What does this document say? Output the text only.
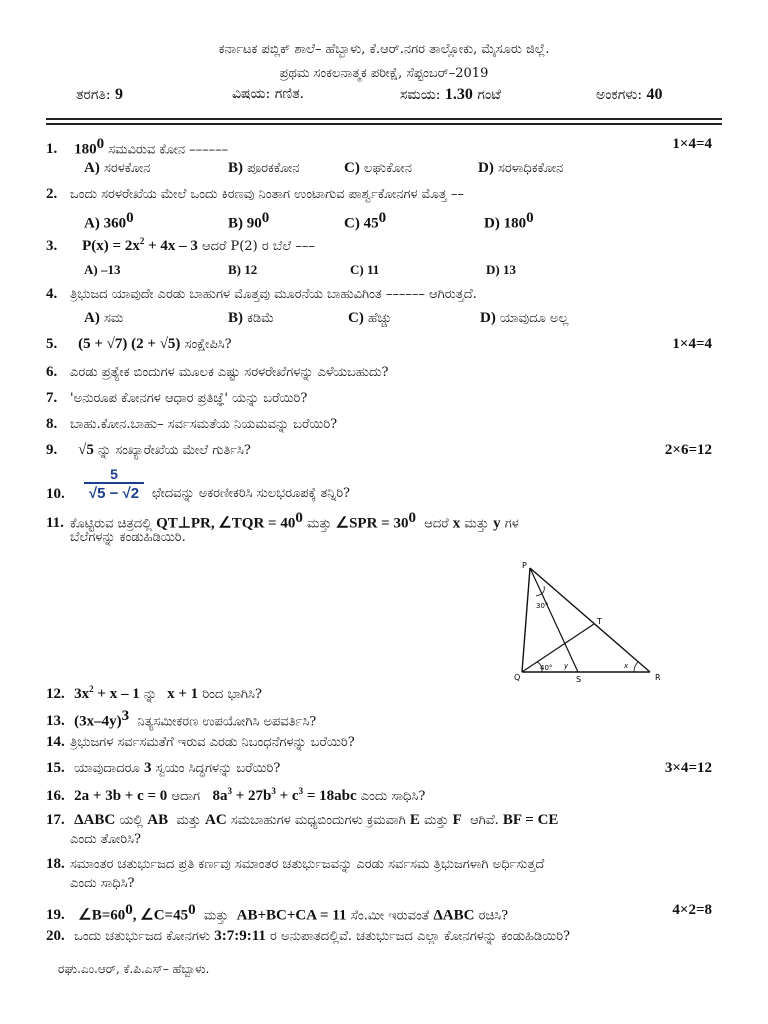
ಕರ್ನಾಟಕ ಪಬ್ಲಿಕ್ ಶಾಲೆ– ಹೆಬ್ಬಾಳು, ಕೆ.ಆರ್.ನಗರ ತಾಲ್ಲೋಕು, ಮೈಸೂರು ಜಿಲ್ಲೆ.
ಪ್ರಥಮ ಸಂಕಲನಾತ್ಮಕ ಪರೀಕ್ಷೆ, ಸೆಪ್ಟಂಬರ್–2019
ತರಗತಿ: 9	ವಿಷಯ: ಗಣಿತ.	ಸಮಯ: 1.30 ಗಂಟೆ	ಅಂಕಗಳು: 40
1. $180^0$ ಸಮವಿರುವ ಕೋನ ––––––	1×4=4
A) ಸರಳಕೋನ	B) ಪೂರಕಕೋನ	C) ಲಘುಕೋನ	D) ಸರಳಾಧಿಕಕೋನ
2. ಒಂದು ಸರಳರೇಖೆಯ ಮೇಲೆ ಒಂದು ಕಿರಣವು ನಿಂತಾಗ ಉಂಟಾಗುವ ಪಾರ್ಶ್ವಕೋನಗಳ ಮೊತ್ತ ––
A) $360^0$	B) $90^0$	C) $45^0$	D) $180^0$
3. $P(x) = 2x^2 + 4x - 3$ ಆದರೆ P(2) ರ ಬೆಲೆ –––
A) –13	B) 12	C) 11	D) 13
4. ತ್ರಿಭುಜದ ಯಾವುದೇ ಎರಡು ಬಾಹುಗಳ ಮೊತ್ತವು ಮೂರನೆಯ ಬಾಹುವಿಗಿಂತ –––––– ಆಗಿರುತ್ತದೆ.
A) ಸಮ	B) ಕಡಿಮೆ	C) ಹೆಚ್ಚು	D) ಯಾವುದೂ ಅಲ್ಲ
5. (5 + √7) (2 + √5) ಸಂಕ್ಷೇಪಿಸಿ?	1×4=4
6. ಎರಡು ಪ್ರತ್ಯೇಕ ಬಿಂದುಗಳ ಮೂಲಕ ಎಷ್ಟು ಸರಳರೇಖೆಗಳನ್ನು ಎಳೆಯಬಹುದು?
7. 'ಅನುರೂಪ ಕೋನಗಳ ಆಧಾರ ಪ್ರತಿಜ್ಞೆ' ಯನ್ನು ಬರೆಯಿರಿ?
8. ಬಾಹು.ಕೋನ.ಬಾಹು– ಸರ್ವಸಮತೆಯ ನಿಯಮವನ್ನು ಬರೆಯಿರಿ?
9. √5 ನ್ನು ಸಂಖ್ಯಾರೇಖೆಯ ಮೇಲೆ ಗುರ್ತಿಸಿ?	2×6=12
10.	$\frac{5}{√5 - √2}$ ಛೇದವನ್ನು ಅಕರಣೀಕರಿಸಿ ಸುಲಭರೂಪಕ್ಕೆ ತನ್ನಿರಿ?
11. ಕೊಟ್ಟಿರುವ ಚಿತ್ರದಲ್ಲಿ QT⊥PR, ∠TQR = $40^0$ ಮತ್ತು ∠SPR = $30^0$ ಆದರೆ x ಮತ್ತು y ಗಳ
ಬೆಲೆಗಳನ್ನು ಕಂಡುಹಿಡಿಯಿರಿ.
P
T
Q	S	R
30°
40° y	x
12. $3x^2 + x - 1$ ನ್ನು x + 1 ರಿಂದ ಭಾಗಿಸಿ?
13. $(3x-4y)^3$ ನಿತ್ಯಸಮೀಕರಣ ಉಪಯೋಗಿಸಿ ಅಪವರ್ತಿಸಿ?
14. ತ್ರಿಭುಜಗಳ ಸರ್ವಸಮತೆಗೆ ಇರುವ ಎರಡು ನಿಬಂಧನೆಗಳನ್ನು ಬರೆಯಿರಿ?
15. ಯಾವುದಾದರೂ 3 ಸ್ವಯಂ ಸಿದ್ಧಗಳನ್ನು ಬರೆಯಿರಿ?	3×4=12
16. 2a + 3b + c = 0 ಆದಾಗ $8a^3 + 27b^3 + c^3 = 18abc$ ಎಂದು ಸಾಧಿಸಿ?
17. ΔABC ಯಲ್ಲಿ AB ಮತ್ತು AC ಸಮಬಾಹುಗಳ ಮಧ್ಯಬಿಂದುಗಳು ಕ್ರಮವಾಗಿ E ಮತ್ತು F ಆಗಿವೆ. BF = CE
ಎಂದು ತೋರಿಸಿ?
18. ಸಮಾಂತರ ಚತುರ್ಭುಜದ ಪ್ರತಿ ಕರ್ಣವು ಸಮಾಂತರ ಚತುರ್ಭುಜವನ್ನು ಎರಡು ಸರ್ವಸಮ ತ್ರಿಭುಜಗಳಾಗಿ ಅರ್ಧಿಸುತ್ತದೆ
ಎಂದು ಸಾಧಿಸಿ?
19. $\angle B=60^0$, $\angle C=45^0$ ಮತ್ತು AB+BC+CA = 11 ಸೆಂ.ಮೀ ಇರುವಂತೆ ΔABC ರಚಿಸಿ?	4×2=8
20. ಒಂದು ಚತುರ್ಭುಜದ ಕೋನಗಳು 3:7:9:11 ರ ಅನುಪಾತದಲ್ಲಿವೆ. ಚತುರ್ಭುಜದ ಎಲ್ಲಾ ಕೋನಗಳನ್ನು ಕಂಡುಹಿಡಿಯಿರಿ?
ರಘು.ಎಂ.ಆರ್, ಕೆ.ಪಿ.ಎಸ್– ಹೆಬ್ಬಾಳು.
